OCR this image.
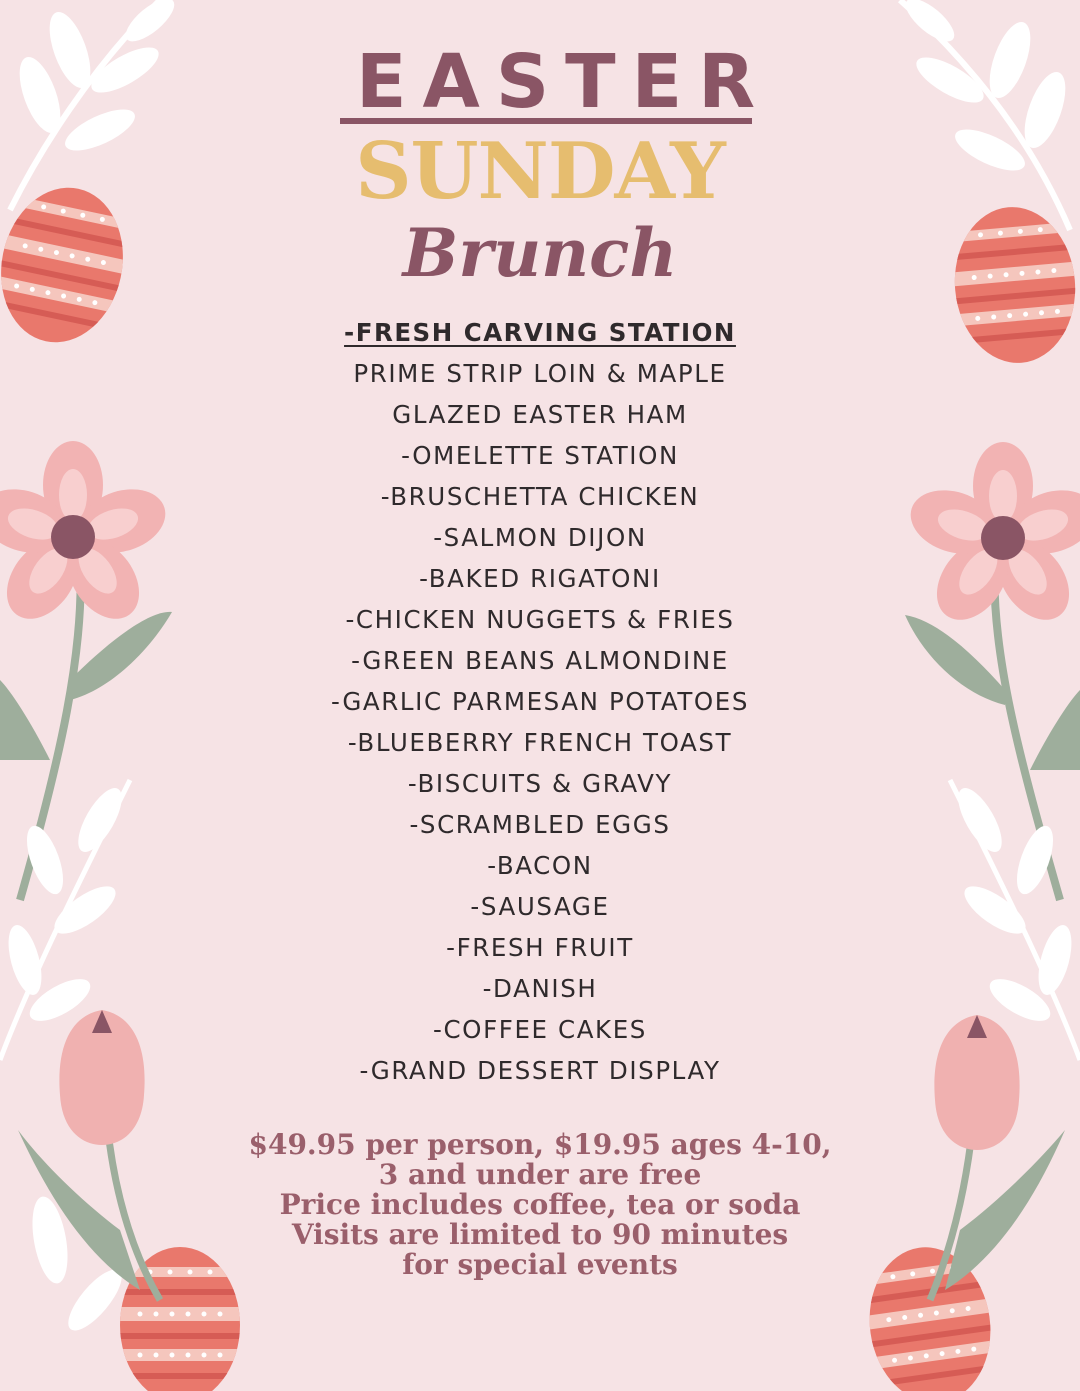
EASTER
SUNDAY
Brunch
-FRESH CARVING STATION
PRIME STRIP LOIN & MAPLE
GLAZED EASTER HAM
-OMELETTE STATION
-BRUSCHETTA CHICKEN
-SALMON DIJON
-BAKED RIGATONI
-CHICKEN NUGGETS & FRIES
-GREEN BEANS ALMONDINE
-GARLIC PARMESAN POTATOES
-BLUEBERRY FRENCH TOAST
-BISCUITS & GRAVY
-SCRAMBLED EGGS
-BACON
-SAUSAGE
-FRESH FRUIT
-DANISH
-COFFEE CAKES
-GRAND DESSERT DISPLAY
$49.95 per person, $19.95 ages 4-10,
3 and under are free
Price includes coffee, tea or soda
Visits are limited to 90 minutes
for special events
